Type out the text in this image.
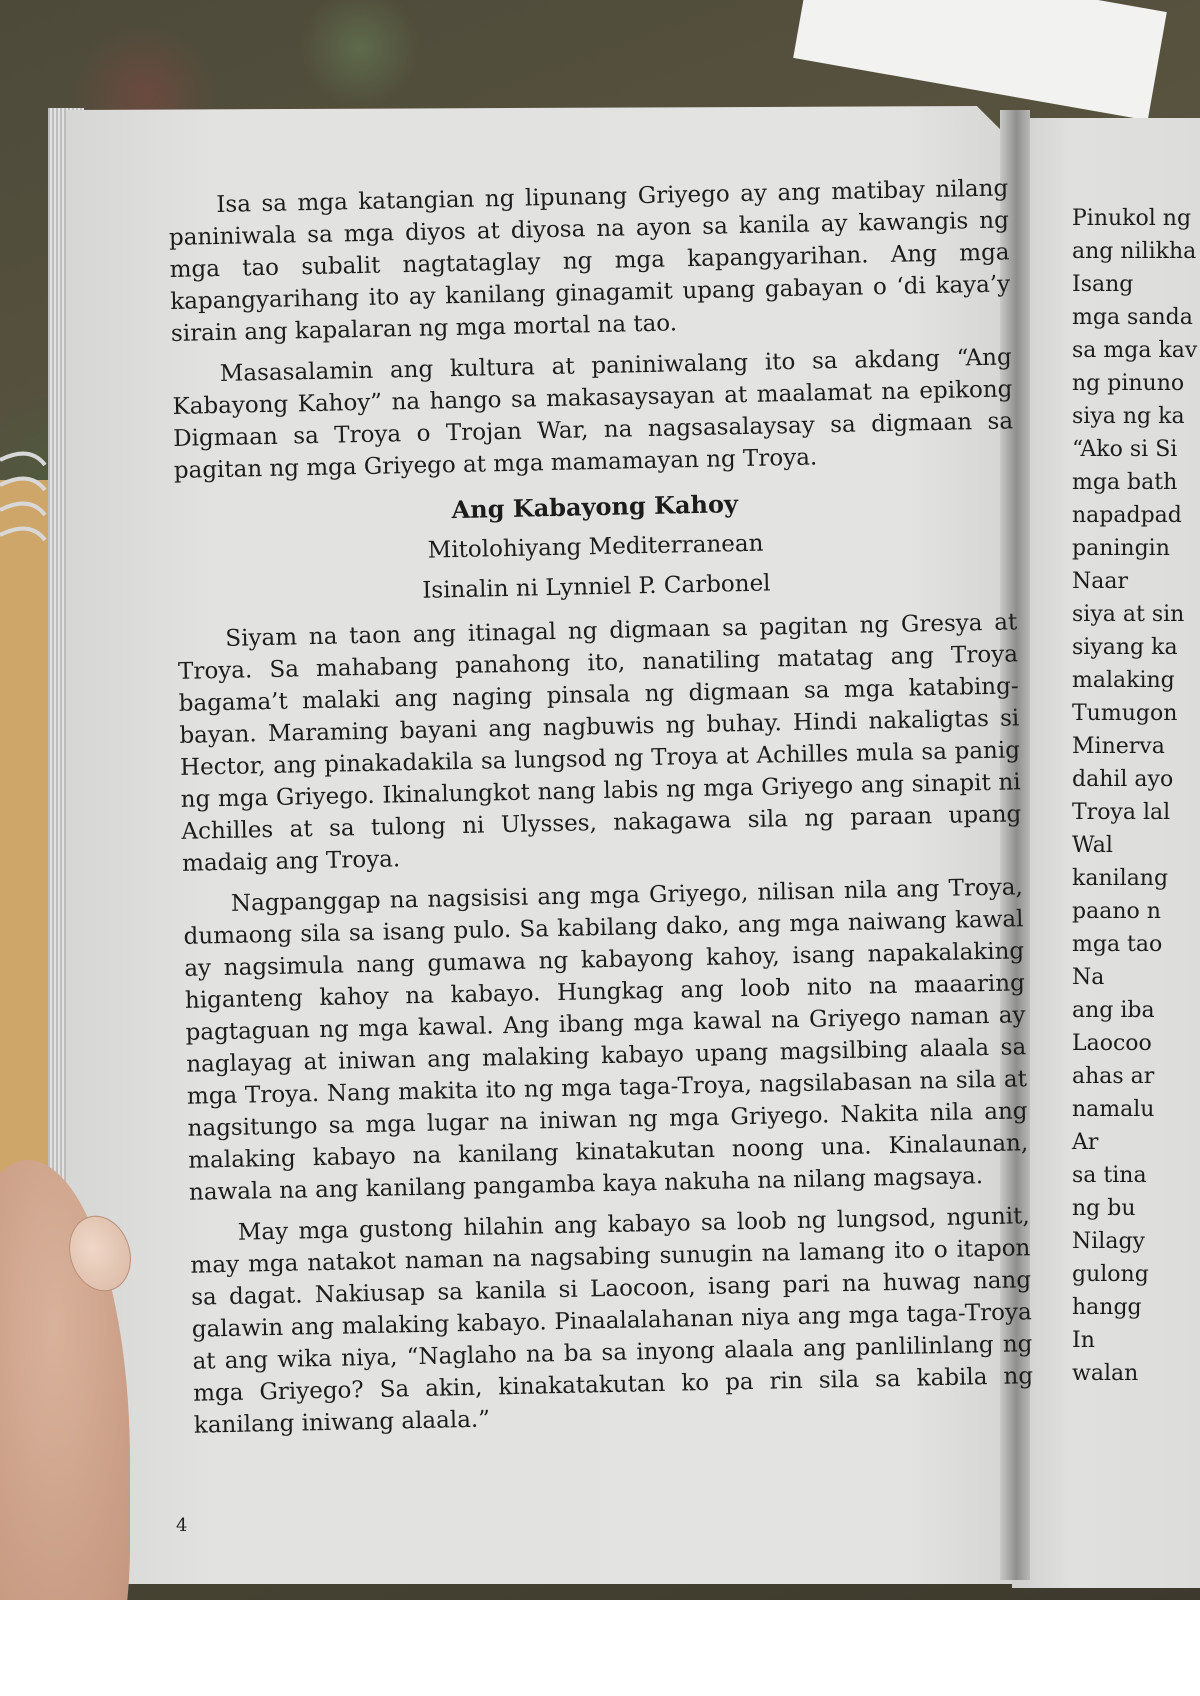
Isa sa mga katangian ng lipunang Griyego ay ang matibay nilang paniniwala sa mga diyos at diyosa na ayon sa kanila ay kawangis ng mga tao subalit nagtataglay ng mga kapangyarihan. Ang mga kapangyarihang ito ay kanilang ginagamit upang gabayan o ‘di kaya’y sirain ang kapalaran ng mga mortal na tao.

Masasalamin ang kultura at paniniwalang ito sa akdang “Ang Kabayong Kahoy” na hango sa makasaysayan at maalamat na epikong Digmaan sa Troya o Trojan War, na nagsasalaysay sa digmaan sa pagitan ng mga Griyego at mga mamamayan ng Troya.

Ang Kabayong Kahoy
Mitolohiyang Mediterranean
Isinalin ni Lynniel P. Carbonel

Siyam na taon ang itinagal ng digmaan sa pagitan ng Gresya at Troya. Sa mahabang panahong ito, nanatiling matatag ang Troya bagama’t malaki ang naging pinsala ng digmaan sa mga katabing-bayan. Maraming bayani ang nagbuwis ng buhay. Hindi nakaligtas si Hector, ang pinakadakila sa lungsod ng Troya at Achilles mula sa panig ng mga Griyego. Ikinalungkot nang labis ng mga Griyego ang sinapit ni Achilles at sa tulong ni Ulysses, nakagawa sila ng paraan upang madaig ang Troya.

Nagpanggap na nagsisisi ang mga Griyego, nilisan nila ang Troya, dumaong sila sa isang pulo. Sa kabilang dako, ang mga naiwang kawal ay nagsimula nang gumawa ng kabayong kahoy, isang napakalaking higanteng kahoy na kabayo. Hungkag ang loob nito na maaaring pagtaguan ng mga kawal. Ang ibang mga kawal na Griyego naman ay naglayag at iniwan ang malaking kabayo upang magsilbing alaala sa mga Troya. Nang makita ito ng mga taga-Troya, nagsilabasan na sila at nagsitungo sa mga lugar na iniwan ng mga Griyego. Nakita nila ang malaking kabayo na kanilang kinatakutan noong una. Kinalaunan, nawala na ang kanilang pangamba kaya nakuha na nilang magsaya.

May mga gustong hilahin ang kabayo sa loob ng lungsod, ngunit, may mga natakot naman na nagsabing sunugin na lamang ito o itapon sa dagat. Nakiusap sa kanila si Laocoon, isang pari na huwag nang galawin ang malaking kabayo. Pinaalalahanan niya ang mga taga-Troya at ang wika niya, “Naglaho na ba sa inyong alaala ang panlilinlang ng mga Griyego? Sa akin, kinakatakutan ko pa rin sila sa kabila ng kanilang iniwang alaala.”

4
Pinukol ng
ang nilikha
Isang
mga sanda
sa mga kav
ng pinuno
siya ng ka
“Ako si Si
mga bath
napadpad
paningin
Naar
siya at sin
siyang ka
malaking
Tumugon
Minerva
dahil ayo
Troya lal
Wal
kanilang
paano n
mga tao
Na
ang iba
Laocoo
ahas ar
namalu
Ar
sa tina
ng bu
Nilagy
gulong
hangg
In
walan
